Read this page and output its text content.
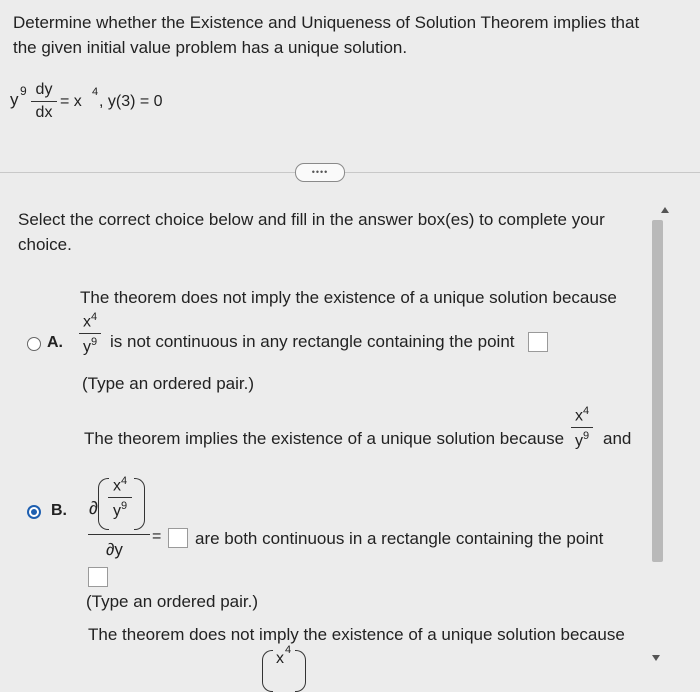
Determine whether the Existence and Uniqueness of Solution Theorem implies that
the given initial value problem has a unique solution.
y 9 dy
dx
= x
4
, y(3) = 0
••••
Select the correct choice below and fill in the answer box(es) to complete your
choice.
The theorem does not imply the existence of a unique solution because
A.
$x^4$
$y^9$ is not continuous in any rectangle containing the point
(Type an ordered pair.)
The theorem implies the existence of a unique solution because
$x^4$
$y^9$ and
B. ∂
$x^4$
$y^9$
∂y
= are both continuous in a rectangle containing the point
(Type an ordered pair.)
The theorem does not imply the existence of a unique solution because
x 4
